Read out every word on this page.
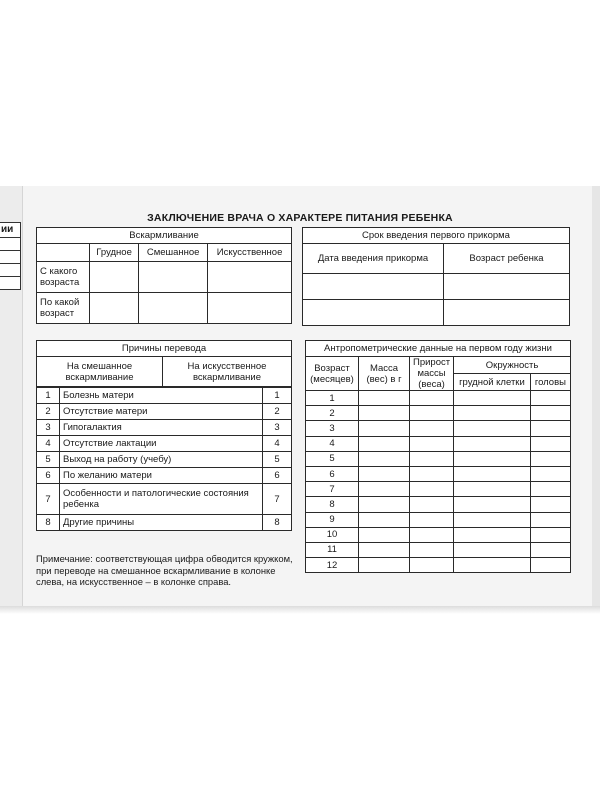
ии
ЗАКЛЮЧЕНИЕ ВРАЧА О ХАРАКТЕРЕ ПИТАНИЯ РЕБЕНКА
Вскармливание			
	Грудное	Смешанное	Искусственное
С какого возраста			
По какой возраст			
Срок введения первого прикорма	
Дата введения прикорма	Возраст ребенка

Причины перевода
На смешанное вскармливание	На искусственное вскармливание
1	Болезнь матери	1
2	Отсутствие матери	2
3	Гипогалактия	3
4	Отсутствие лактации	4
5	Выход на работу (учебу)	5
6	По желанию матери	6
7	Особенности и патологические состояния ребенка	7
8	Другие причины	8
Антропометрические данные на первом году жизни				
Возраст (месяцев)	Масса (вес) в г	Прирост массы (веса)	Окружность	
			грудной клетки	головы
1				
2				
3				
4				
5				
6				
7				
8				
9				
10				
11				
12				
Примечание: соответствующая цифра обводится кружком, при переводе на смешанное вскармливание в колонке слева, на искусственное – в колонке справа.
